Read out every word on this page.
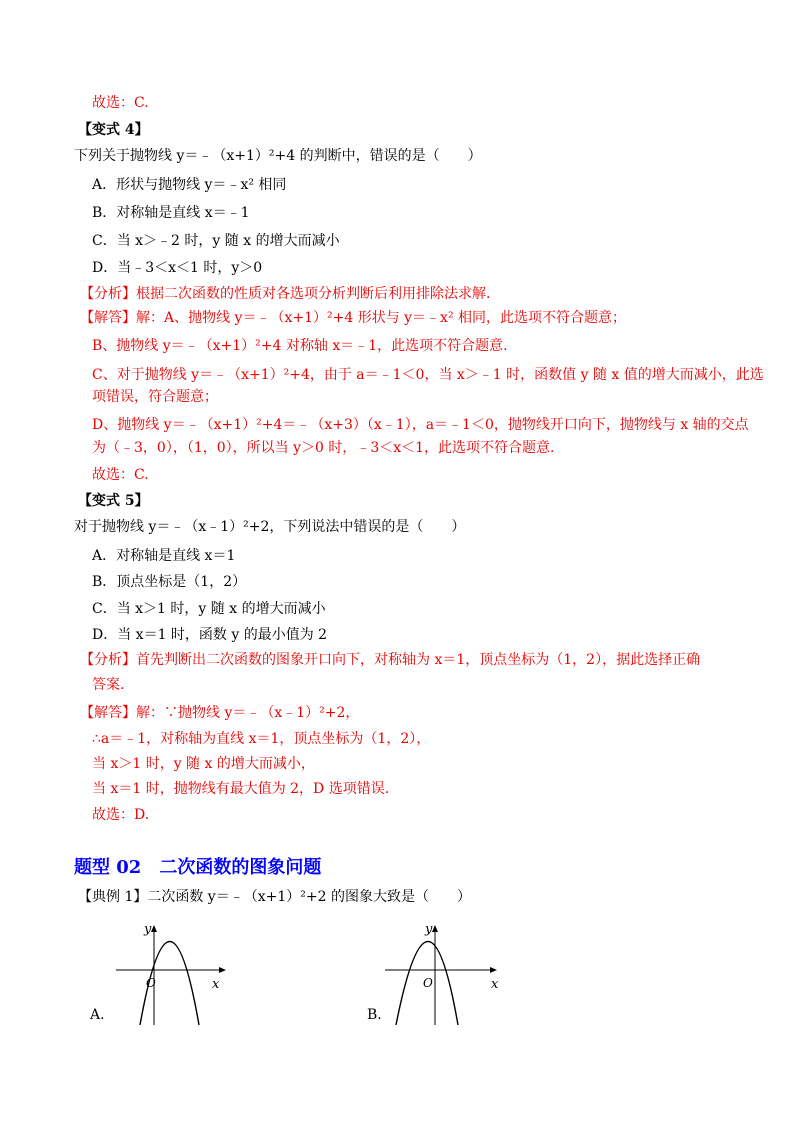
故选：C.
【变式 4】
下列关于抛物线 y＝﹣（x+1）²+4 的判断中，错误的是（　　）
A．形状与抛物线 y＝﹣x² 相同
B．对称轴是直线 x＝﹣1
C．当 x＞﹣2 时，y 随 x 的增大而减小
D．当﹣3＜x＜1 时，y＞0
【分析】根据二次函数的性质对各选项分析判断后利用排除法求解.
【解答】解：A、抛物线 y＝﹣（x+1）²+4 形状与 y＝﹣x² 相同，此选项不符合题意；
B、抛物线 y＝﹣（x+1）²+4 对称轴 x＝﹣1，此选项不符合题意.
C、对于抛物线 y＝﹣（x+1）²+4，由于 a＝﹣1＜0，当 x＞﹣1 时，函数值 y 随 x 值的增大而减小，此选
项错误，符合题意；
D、抛物线 y＝﹣（x+1）²+4＝﹣（x+3）（x﹣1），a＝﹣1＜0，抛物线开口向下，抛物线与 x 轴的交点
为（﹣3，0），（1，0），所以当 y＞0 时，﹣3＜x＜1，此选项不符合题意.
故选：C.
【变式 5】
对于抛物线 y＝﹣（x﹣1）²+2，下列说法中错误的是（　　）
A．对称轴是直线 x＝1
B．顶点坐标是（1，2）
C．当 x＞1 时，y 随 x 的增大而减小
D．当 x＝1 时，函数 y 的最小值为 2
【分析】首先判断出二次函数的图象开口向下，对称轴为 x＝1，顶点坐标为（1，2），据此选择正确
答案.
【解答】解：∵抛物线 y＝﹣（x﹣1）²+2，
∴a＝﹣1，对称轴为直线 x＝1，顶点坐标为（1，2），
当 x＞1 时，y 随 x 的增大而减小，
当 x＝1 时，抛物线有最大值为 2，D 选项错误.
故选：D.
题型 02　二次函数的图象问题
【典例 1】二次函数 y＝﹣（x+1）²+2 的图象大致是（　　）
y
x
O
A.
y
x
O
B.
